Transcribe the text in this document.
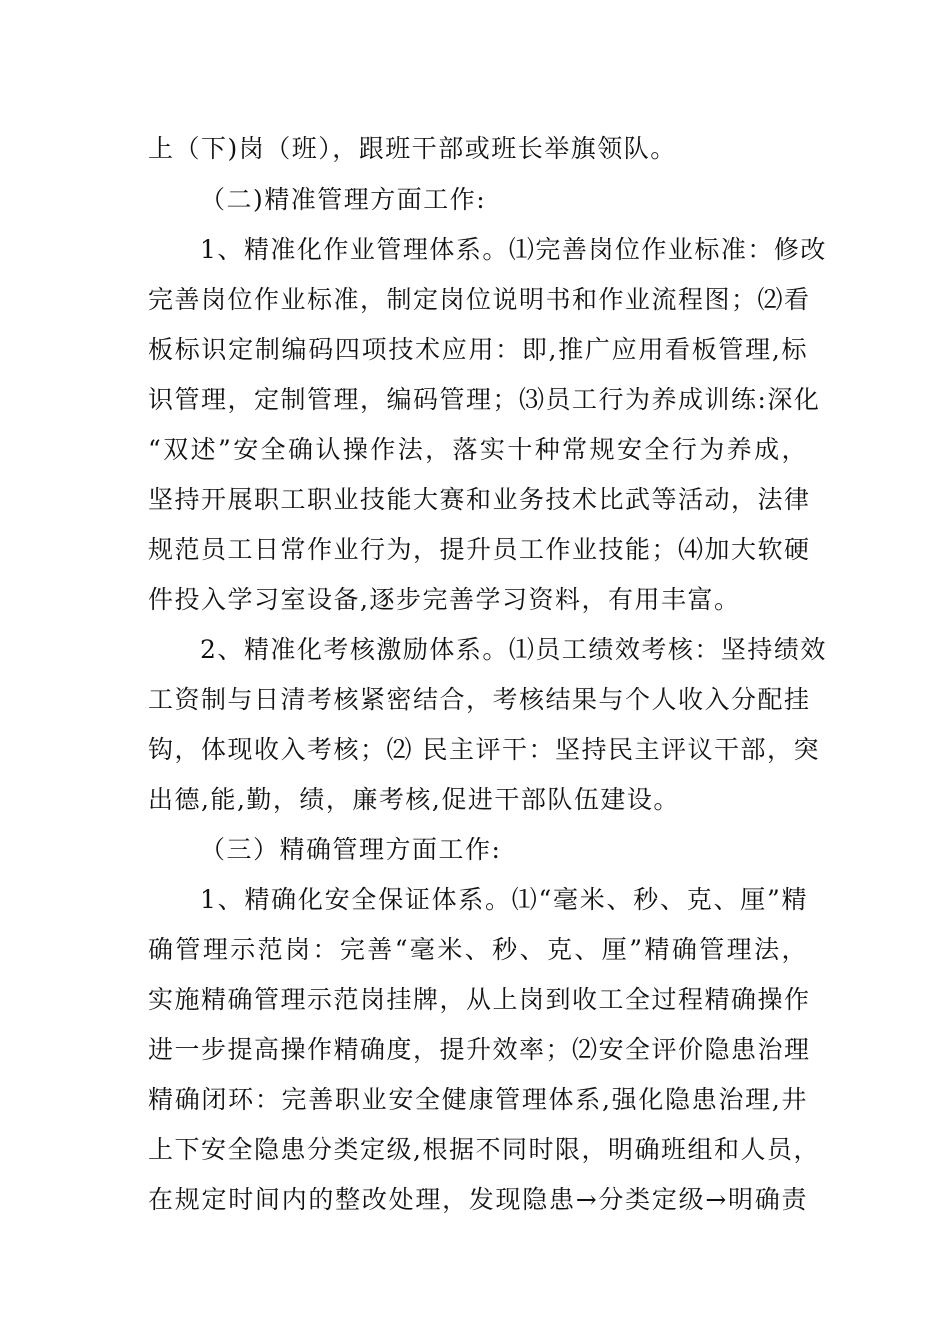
上（下)岗（班），跟班干部或班长举旗领队。
（二)精准管理方面工作:
1、精准化作业管理体系。⑴完善岗位作业标准：修改
完善岗位作业标准，制定岗位说明书和作业流程图；⑵看
板标识定制编码四项技术应用：即,推广应用看板管理,标
识管理，定制管理，编码管理；⑶员工行为养成训练:深化
“双述”安全确认操作法，落实十种常规安全行为养成，
坚持开展职工职业技能大赛和业务技术比武等活动，法律
规范员工日常作业行为，提升员工作业技能；⑷加大软硬
件投入学习室设备,逐步完善学习资料，有用丰富。
2、精准化考核激励体系。⑴员工绩效考核：坚持绩效
工资制与日清考核紧密结合，考核结果与个人收入分配挂
钩，体现收入考核；⑵ 民主评干：坚持民主评议干部，突
出德,能,勤，绩，廉考核,促进干部队伍建设。
（三）精确管理方面工作:
1、精确化安全保证体系。⑴“毫米、秒、克、厘”精
确管理示范岗：完善“毫米、秒、克、厘”精确管理法，
实施精确管理示范岗挂牌，从上岗到收工全过程精确操作
进一步提高操作精确度，提升效率；⑵安全评价隐患治理
精确闭环：完善职业安全健康管理体系,强化隐患治理,井
上下安全隐患分类定级,根据不同时限，明确班组和人员，
在规定时间内的整改处理，发现隐患→分类定级→明确责
